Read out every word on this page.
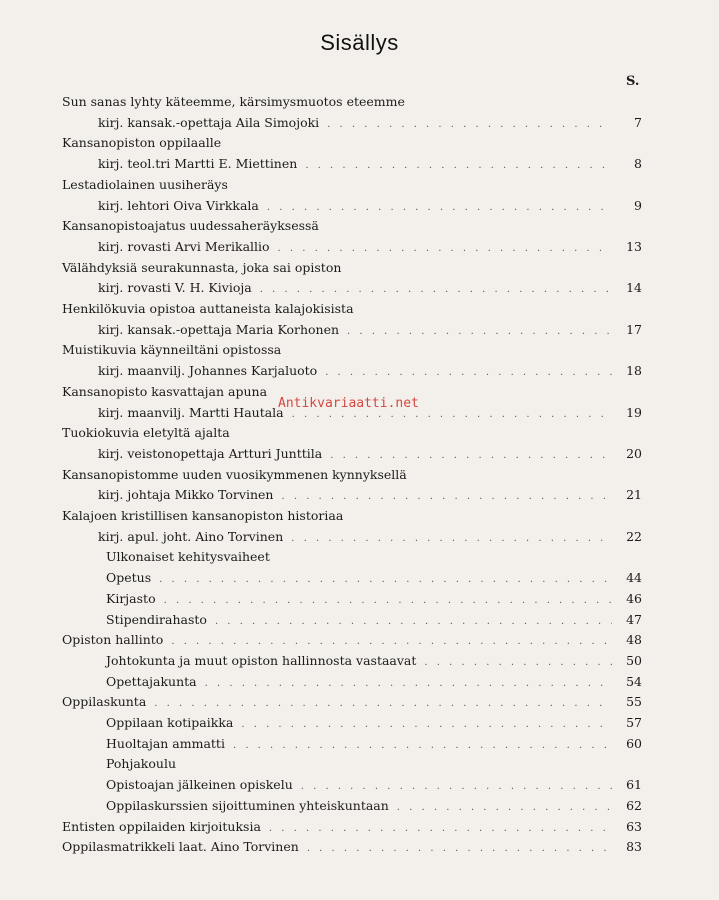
Sisällys
S.
Sun sanas lyhty käteemme, kärsimysmuotos eteemme
kirj. kansak.-opettaja Aila Simojoki . . .	7
Kansanopiston oppilaalle
kirj. teol.tri Martti E. Miettinen . . .	8
Lestadiolainen uusiheräys
kirj. lehtori Oiva Virkkala . . .	9
Kansanopistoajatus uudessaheräyksessä
kirj. rovasti Arvi Merikallio . . .	13
Välähdyksiä seurakunnasta, joka sai opiston
kirj. rovasti V. H. Kivioja . . .	14
Henkilökuvia opistoa auttaneista kalajokisista
kirj. kansak.-opettaja Maria Korhonen . . .	17
Muistikuvia käynneiltäni opistossa
kirj. maanvilj. Johannes Karjaluoto . . .	18
Kansanopisto kasvattajan apuna
kirj. maanvilj. Martti Hautala . . .	19
Tuokiokuvia eletyltä ajalta
kirj. veistonopettaja Artturi Junttila . . .	20
Kansanopistomme uuden vuosikymmenen kynnyksellä
kirj. johtaja Mikko Torvinen . . .	21
Kalajoen kristillisen kansanopiston historiaa
kirj. apul. joht. Aino Torvinen . . .	22
Ulkonaiset kehitysvaiheet
Opetus . . .	44
Kirjasto . . .	46
Stipendirahasto . . .	47
Opiston hallinto . . .	48
Johtokunta ja muut opiston hallinnosta vastaavat . . .	50
Opettajakunta . . .	54
Oppilaskunta . . .	55
Oppilaan kotipaikka . . .	57
Huoltajan ammatti . . .	60
Pohjakoulu
Opistoajan jälkeinen opiskelu . . .	61
Oppilaskurssien sijoittuminen yhteiskuntaan . . .	62
Entisten oppilaiden kirjoituksia . . .	63
Oppilasmatrikkeli laat. Aino Torvinen . . .	83
Antikvariaatti.net
